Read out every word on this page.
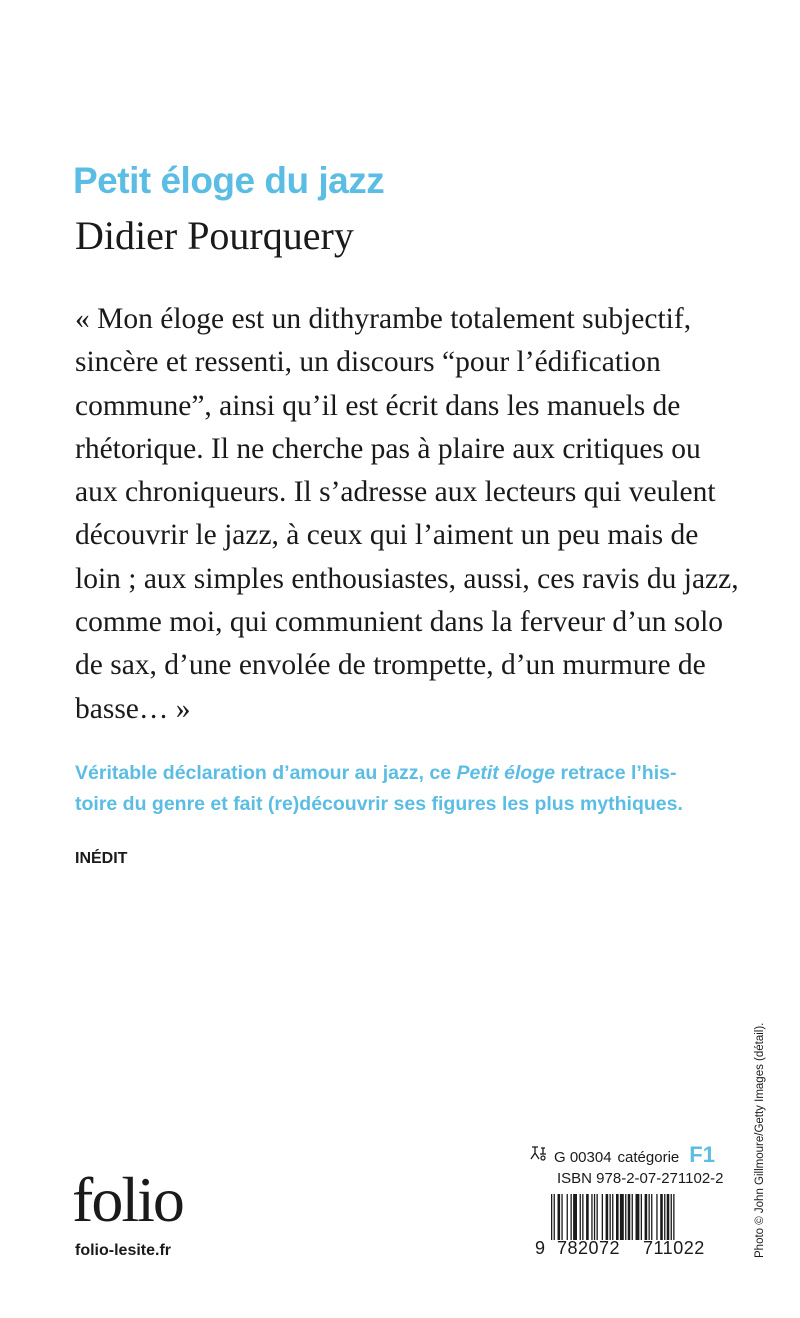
Petit éloge du jazz
Didier Pourquery
« Mon éloge est un dithyrambe totalement subjectif,
sincère et ressenti, un discours “pour l’édification
commune”, ainsi qu’il est écrit dans les manuels de
rhétorique. Il ne cherche pas à plaire aux critiques ou
aux chroniqueurs. Il s’adresse aux lecteurs qui veulent
découvrir le jazz, à ceux qui l’aiment un peu mais de
loin ; aux simples enthousiastes, aussi, ces ravis du jazz,
comme moi, qui communient dans la ferveur d’un solo
de sax, d’une envolée de trompette, d’un murmure de
basse… »
Véritable déclaration d’amour au jazz, ce Petit éloge retrace l’his-
toire du genre et fait (re)découvrir ses figures les plus mythiques.
INÉDIT
folio
folio-lesite.fr	Photo © John Gillmoure/Getty Images (détail).
G 00304 catégorie F1
ISBN 978-2-07-271102-2
9 782072 711022
